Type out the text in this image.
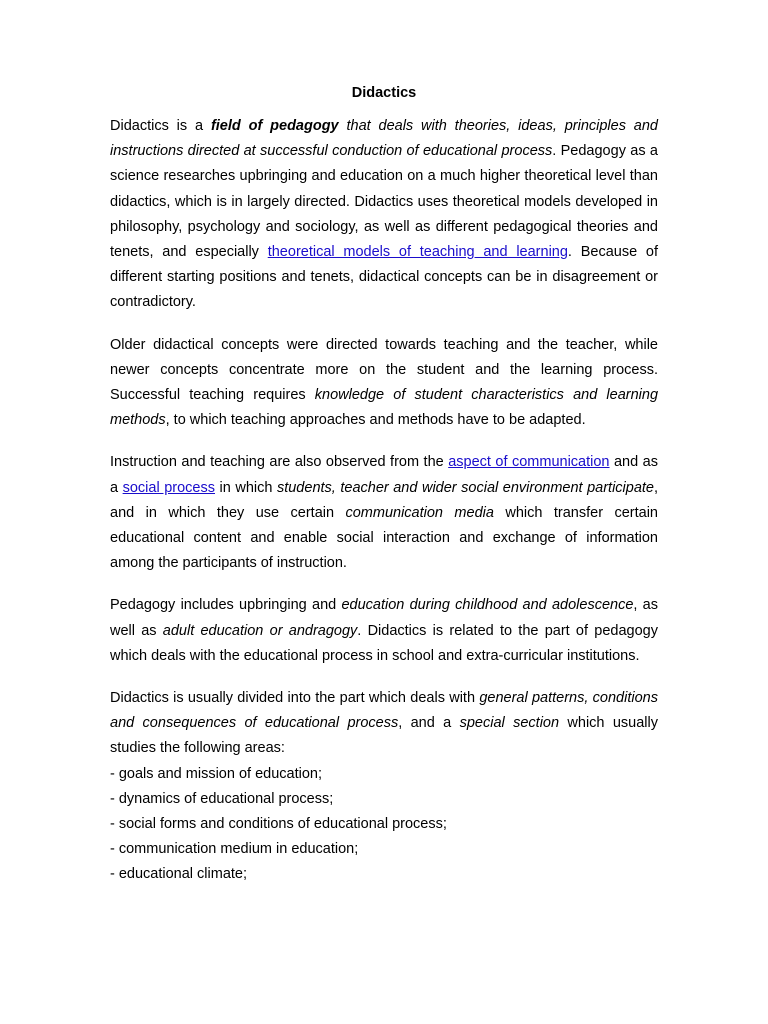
Didactics

Didactics is a field of pedagogy that deals with theories, ideas, principles and instructions directed at successful conduction of educational process. Pedagogy as a science researches upbringing and education on a much higher theoretical level than didactics, which is in largely directed. Didactics uses theoretical models developed in philosophy, psychology and sociology, as well as different pedagogical theories and tenets, and especially theoretical models of teaching and learning. Because of different starting positions and tenets, didactical concepts can be in disagreement or contradictory.

Older didactical concepts were directed towards teaching and the teacher, while newer concepts concentrate more on the student and the learning process. Successful teaching requires knowledge of student characteristics and learning methods, to which teaching approaches and methods have to be adapted.

Instruction and teaching are also observed from the aspect of communication and as a social process in which students, teacher and wider social environment participate, and in which they use certain communication media which transfer certain educational content and enable social interaction and exchange of information among the participants of instruction.

Pedagogy includes upbringing and education during childhood and adolescence, as well as adult education or andragogy. Didactics is related to the part of pedagogy which deals with the educational process in school and extra-curricular institutions.

Didactics is usually divided into the part which deals with general patterns, conditions and consequences of educational process, and a special section which usually studies the following areas:

- goals and mission of education;
- dynamics of educational process;
- social forms and conditions of educational process;
- communication medium in education;
- educational climate;
